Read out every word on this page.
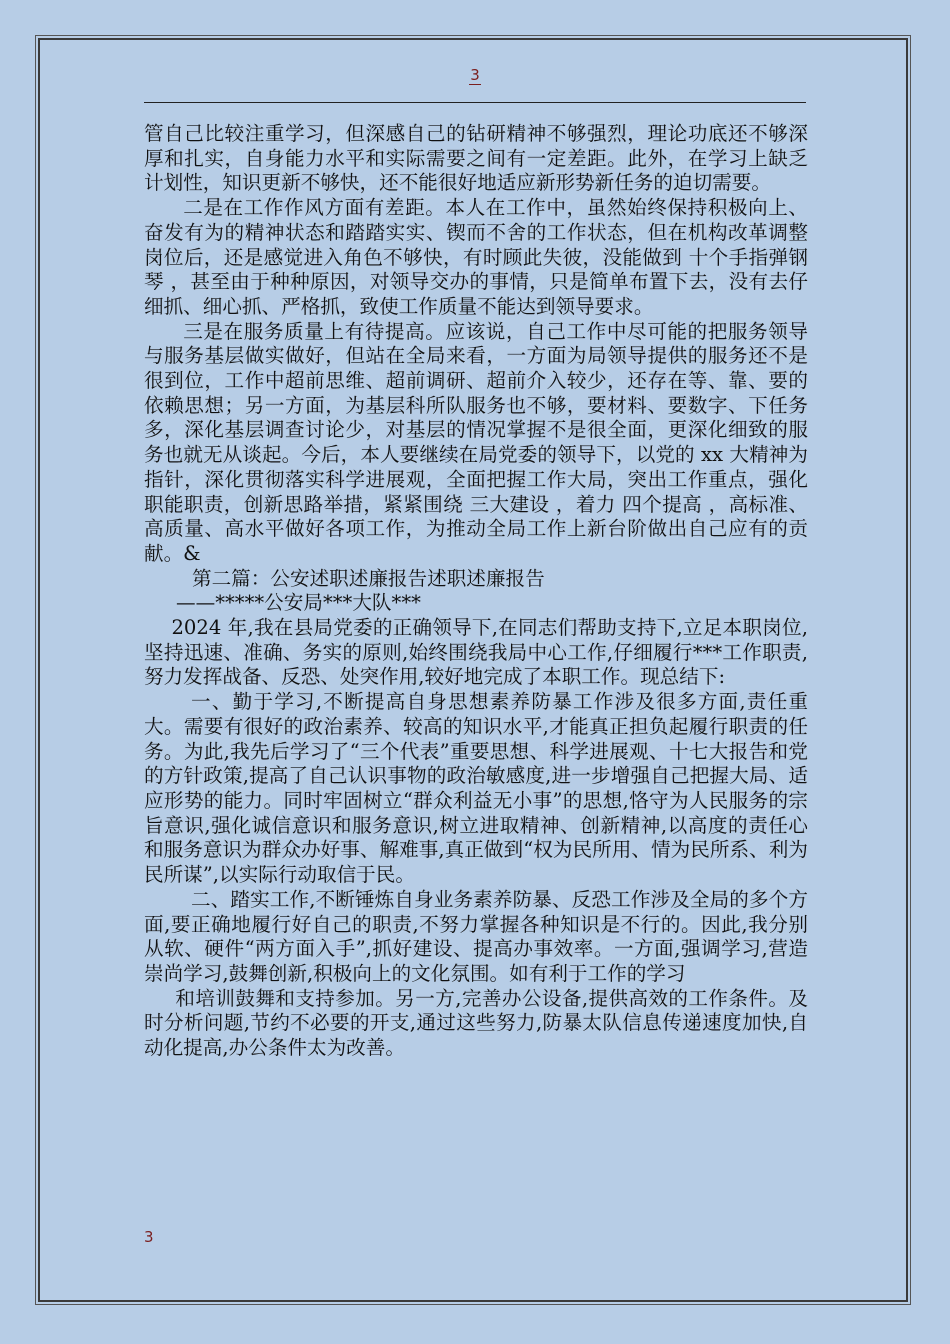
3

管自己比较注重学习，但深感自己的钻研精神不够强烈，理论功底还不够深厚和扎实，自身能力水平和实际需要之间有一定差距。此外，在学习上缺乏计划性，知识更新不够快，还不能很好地适应新形势新任务的迫切需要。

二是在工作作风方面有差距。本人在工作中，虽然始终保持积极向上、奋发有为的精神状态和踏踏实实、锲而不舍的工作状态，但在机构改革调整岗位后，还是感觉进入角色不够快，有时顾此失彼，没能做到 十个手指弹钢琴 ，甚至由于种种原因，对领导交办的事情，只是简单布置下去，没有去仔细抓、细心抓、严格抓，致使工作质量不能达到领导要求。

三是在服务质量上有待提高。应该说，自己工作中尽可能的把服务领导与服务基层做实做好，但站在全局来看，一方面为局领导提供的服务还不是很到位，工作中超前思维、超前调研、超前介入较少，还存在等、靠、要的依赖思想；另一方面，为基层科所队服务也不够，要材料、要数字、下任务多，深化基层调查讨论少，对基层的情况掌握不是很全面，更深化细致的服务也就无从谈起。今后，本人要继续在局党委的领导下，以党的 xx 大精神为指针，深化贯彻落实科学进展观，全面把握工作大局，突出工作重点，强化职能职责，创新思路举措，紧紧围绕 三大建设 ，着力 四个提高 ，高标准、高质量、高水平做好各项工作，为推动全局工作上新台阶做出自己应有的贡献。&

第二篇：公安述职述廉报告述职述廉报告

——*****公安局***大队***

2024 年,我在县局党委的正确领导下,在同志们帮助支持下,立足本职岗位,坚持迅速、准确、务实的原则,始终围绕我局中心工作,仔细履行***工作职责,努力发挥战备、反恐、处突作用,较好地完成了本职工作。现总结下:

一、勤于学习,不断提高自身思想素养防暴工作涉及很多方面,责任重大。需要有很好的政治素养、较高的知识水平,才能真正担负起履行职责的任务。为此,我先后学习了“三个代表”重要思想、科学进展观、十七大报告和党的方针政策,提高了自己认识事物的政治敏感度,进一步增强自己把握大局、适应形势的能力。同时牢固树立“群众利益无小事”的思想,恪守为人民服务的宗旨意识,强化诚信意识和服务意识,树立进取精神、创新精神,以高度的责任心和服务意识为群众办好事、解难事,真正做到“权为民所用、情为民所系、利为民所谋”,以实际行动取信于民。

二、踏实工作,不断锤炼自身业务素养防暴、反恐工作涉及全局的多个方面,要正确地履行好自己的职责,不努力掌握各种知识是不行的。因此,我分别从软、硬件“两方面入手”,抓好建设、提高办事效率。一方面,强调学习,营造崇尚学习,鼓舞创新,积极向上的文化氛围。如有利于工作的学习

和培训鼓舞和支持参加。另一方,完善办公设备,提供高效的工作条件。及时分析问题,节约不必要的开支,通过这些努力,防暴太队信息传递速度加快,自动化提高,办公条件太为改善。

3
